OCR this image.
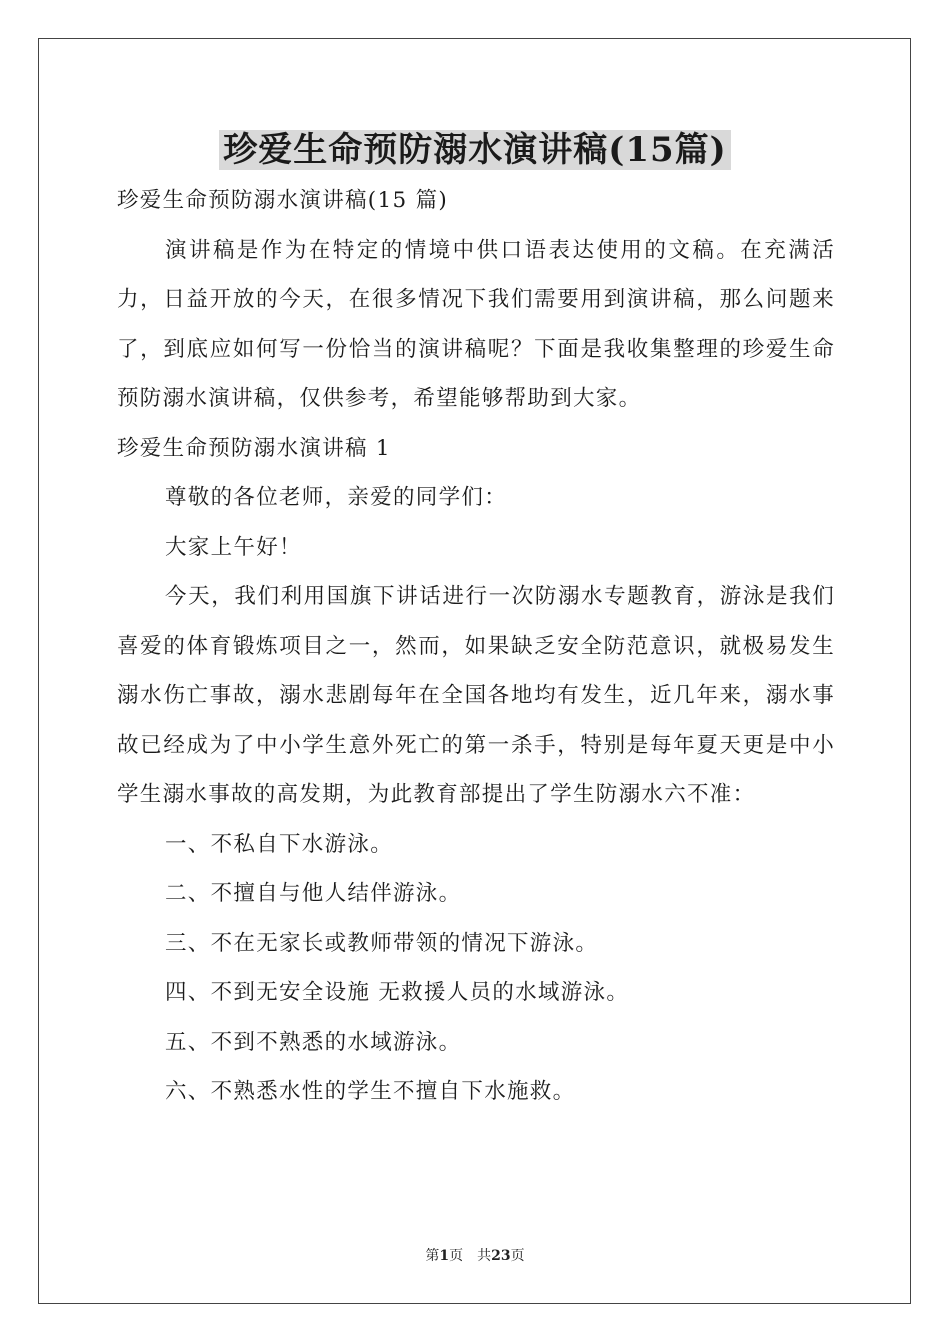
珍爱生命预防溺水演讲稿(15篇)

珍爱生命预防溺水演讲稿(15 篇)

演讲稿是作为在特定的情境中供口语表达使用的文稿。在充满活力，日益开放的今天，在很多情况下我们需要用到演讲稿，那么问题来了，到底应如何写一份恰当的演讲稿呢？下面是我收集整理的珍爱生命预防溺水演讲稿，仅供参考，希望能够帮助到大家。

珍爱生命预防溺水演讲稿 1

尊敬的各位老师，亲爱的同学们：

大家上午好！

今天，我们利用国旗下讲话进行一次防溺水专题教育，游泳是我们喜爱的体育锻炼项目之一，然而，如果缺乏安全防范意识，就极易发生溺水伤亡事故，溺水悲剧每年在全国各地均有发生，近几年来，溺水事故已经成为了中小学生意外死亡的第一杀手，特别是每年夏天更是中小学生溺水事故的高发期，为此教育部提出了学生防溺水六不准：

一、不私自下水游泳。

二、不擅自与他人结伴游泳。

三、不在无家长或教师带领的情况下游泳。

四、不到无安全设施 无救援人员的水域游泳。

五、不到不熟悉的水域游泳。

六、不熟悉水性的学生不擅自下水施救。

第1页 共23页
